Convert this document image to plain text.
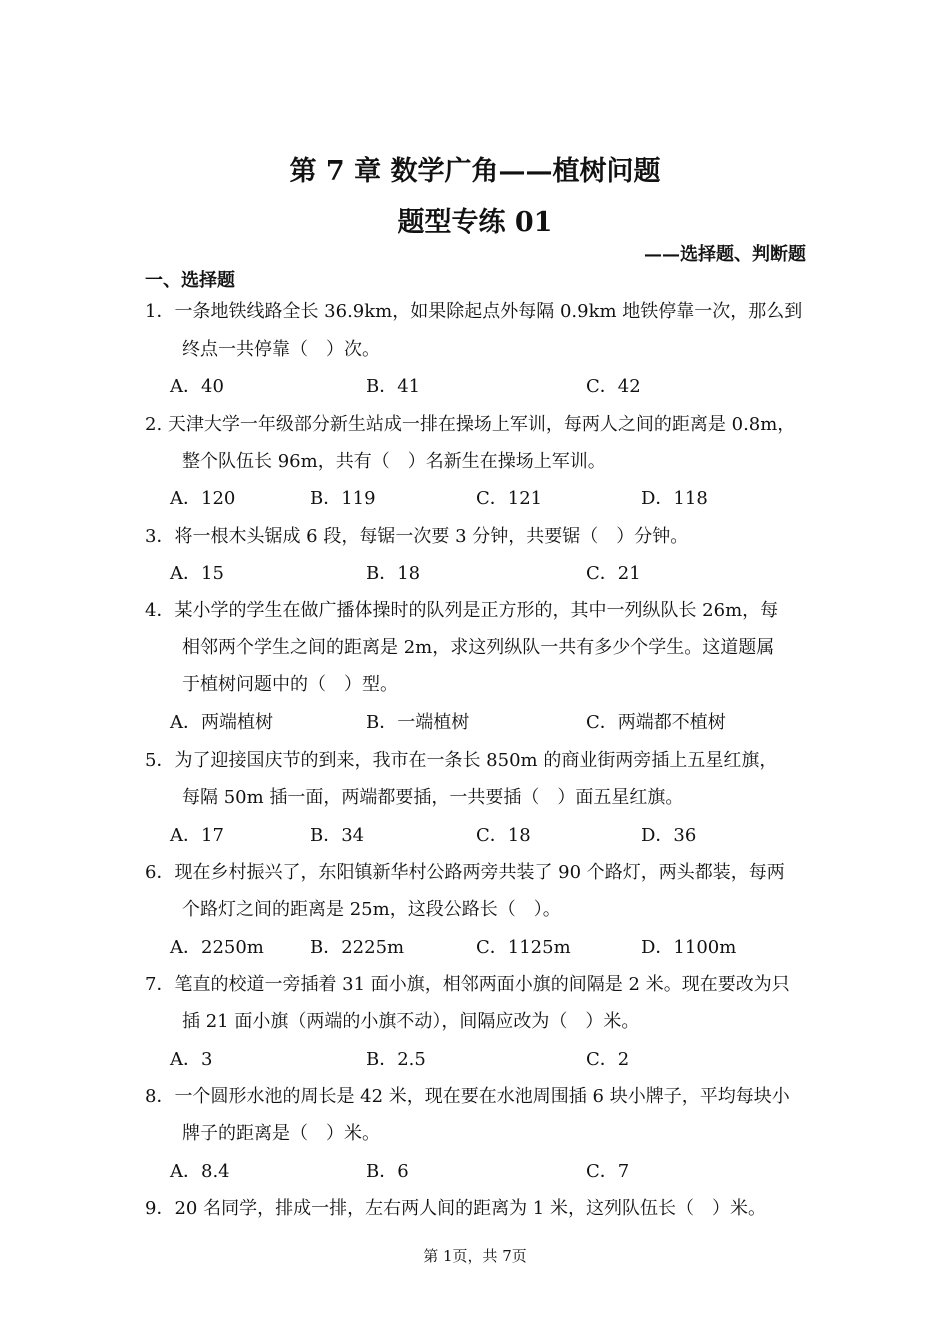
第 7 章 数学广角——植树问题
题型专练 01
——选择题、判断题
一、选择题
1．一条地铁线路全长 36.9km，如果除起点外每隔 0.9km 地铁停靠一次，那么到
终点一共停靠（　）次。
A．40	B．41	C．42
2. 天津大学一年级部分新生站成一排在操场上军训，每两人之间的距离是 0.8m，
整个队伍长 96m，共有（　）名新生在操场上军训。
A．120	B．119	C．121	D．118
3．将一根木头锯成 6 段，每锯一次要 3 分钟，共要锯（　）分钟。
A．15	B．18	C．21
4．某小学的学生在做广播体操时的队列是正方形的，其中一列纵队长 26m，每
相邻两个学生之间的距离是 2m，求这列纵队一共有多少个学生。这道题属
于植树问题中的（　）型。
A．两端植树	B．一端植树	C．两端都不植树
5．为了迎接国庆节的到来，我市在一条长 850m 的商业街两旁插上五星红旗，
每隔 50m 插一面，两端都要插，一共要插（　）面五星红旗。
A．17	B．34	C．18	D．36
6．现在乡村振兴了，东阳镇新华村公路两旁共装了 90 个路灯，两头都装，每两
个路灯之间的距离是 25m，这段公路长（　）。
A．2250m	B．2225m	C．1125m	D．1100m
7．笔直的校道一旁插着 31 面小旗，相邻两面小旗的间隔是 2 米。现在要改为只
插 21 面小旗（两端的小旗不动），间隔应改为（　）米。
A．3	B．2.5	C．2
8．一个圆形水池的周长是 42 米，现在要在水池周围插 6 块小牌子，平均每块小
牌子的距离是（　）米。
A．8.4	B．6	C．7
9．20 名同学，排成一排，左右两人间的距离为 1 米，这列队伍长（　）米。
第 1页，共 7页
